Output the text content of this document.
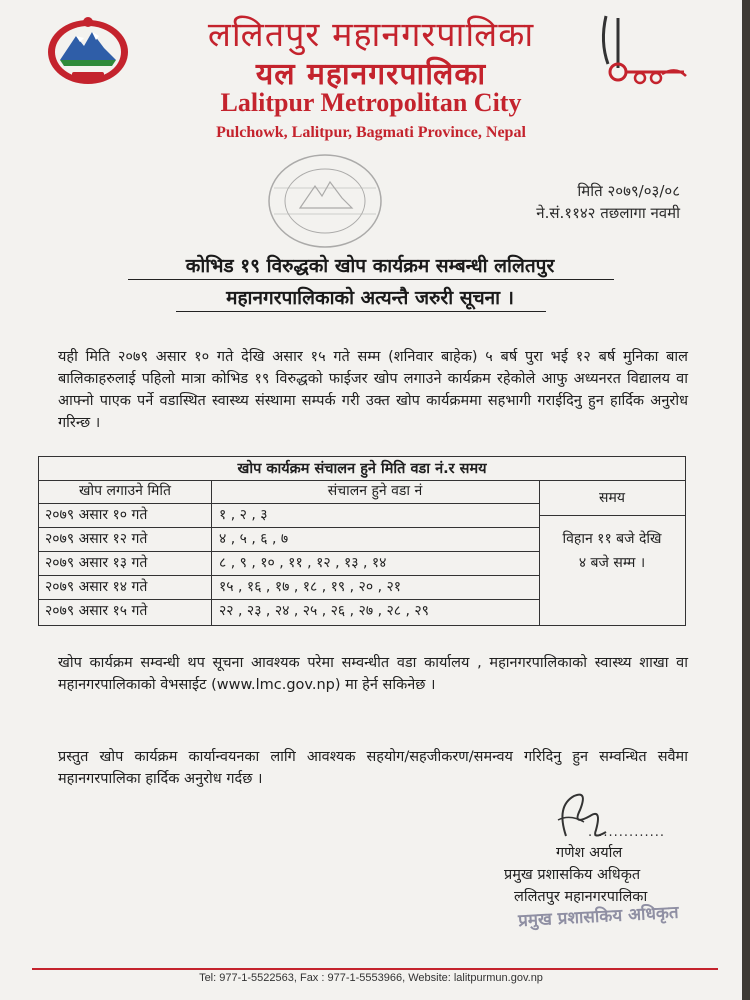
ललितपुर महानगरपालिका
यल महानगरपालिका
Lalitpur Metropolitan City
Pulchowk, Lalitpur, Bagmati Province, Nepal
मिति २०७९/०३/०८
ने.सं.११४२ तछलागा नवमी
कोभिड १९ विरुद्धको खोप कार्यक्रम सम्बन्धी ललितपुर
महानगरपालिकाको अत्यन्तै जरुरी सूचना ।
यही मिति २०७९ असार १० गते देखि असार १५ गते सम्म (शनिवार बाहेक) ५ बर्ष पुरा भई १२ बर्ष मुनिका बाल बालिकाहरुलाई पहिलो मात्रा कोभिड १९ विरुद्धको फाईजर खोप लगाउने कार्यक्रम रहेकोले आफु अध्यनरत विद्यालय वा आफ्नो पाएक पर्ने वडास्थित स्वास्थ्य संस्थामा सम्पर्क गरी उक्त खोप कार्यक्रममा सहभागी गराईदिनु हुन हार्दिक अनुरोध गरिन्छ ।
खोप कार्यक्रम संचालन हुने मिति वडा नं.र समय
खोप लगाउने मिति	संचालन हुने वडा नं	समय
२०७९ असार १० गते	१ , २ , ३
२०७९ असार १२ गते	४ , ५ , ६ , ७
२०७९ असार १३ गते	८ , ९ , १० , ११ , १२ , १३ , १४
२०७९ असार १४ गते	१५ , १६ , १७ , १८ , १९ , २० , २१
२०७९ असार १५ गते	२२ , २३ , २४ , २५ , २६ , २७ , २८ , २९
विहान ११ बजे देखि
४ बजे सम्म ।
खोप कार्यक्रम सम्वन्धी थप सूचना आवश्यक परेमा सम्वन्धीत वडा कार्यालय , महानगरपालिकाको स्वास्थ्य शाखा वा महानगरपालिकाको वेभसाईट (www.lmc.gov.np) मा हेर्न सकिनेछ ।
प्रस्तुत खोप कार्यक्रम कार्यान्वयनका लागि आवश्यक सहयोग/सहजीकरण/समन्वय गरिदिनु हुन सम्वन्धित सवैमा महानगरपालिका हार्दिक अनुरोध गर्दछ ।
...............
गणेश अर्याल
प्रमुख प्रशासकिय अधिकृत
ललितपुर महानगरपालिका
प्रमुख प्रशासकिय अधिकृत
Tel: 977-1-5522563, Fax : 977-1-5553966, Website: lalitpurmun.gov.np
